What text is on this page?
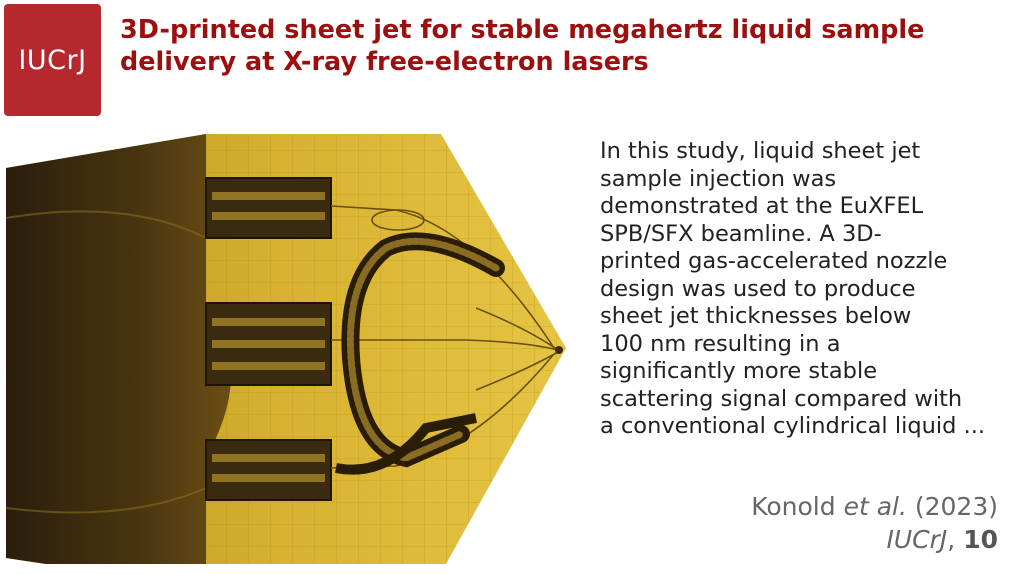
IUCrJ
3D-printed sheet jet for stable megahertz liquid sample delivery at X-ray free-electron lasers

In this study, liquid sheet jet
sample injection was
demonstrated at the EuXFEL
SPB/SFX beamline. A 3D-
printed gas-accelerated nozzle
design was used to produce
sheet jet thicknesses below
100 nm resulting in a
significantly more stable
scattering signal compared with
a conventional cylindrical liquid ...

Konold et al. (2023)
IUCrJ, 10
